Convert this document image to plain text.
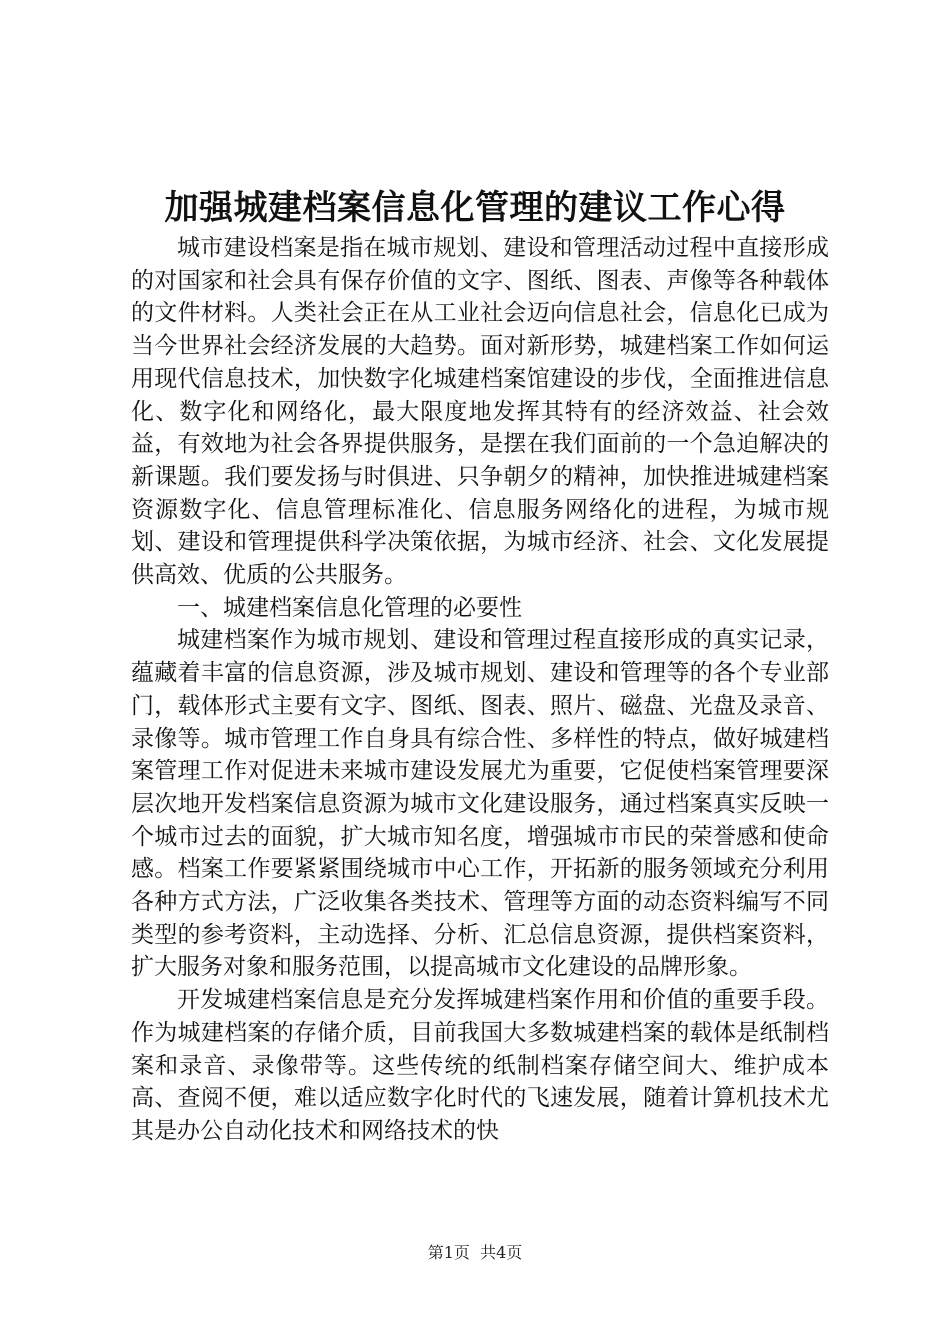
加强城建档案信息化管理的建议工作心得

城市建设档案是指在城市规划、建设和管理活动过程中直接形成的对国家和社会具有保存价值的文字、图纸、图表、声像等各种载体的文件材料。人类社会正在从工业社会迈向信息社会，信息化已成为当今世界社会经济发展的大趋势。面对新形势，城建档案工作如何运用现代信息技术，加快数字化城建档案馆建设的步伐，全面推进信息化、数字化和网络化，最大限度地发挥其特有的经济效益、社会效益，有效地为社会各界提供服务，是摆在我们面前的一个急迫解决的新课题。我们要发扬与时俱进、只争朝夕的精神，加快推进城建档案资源数字化、信息管理标准化、信息服务网络化的进程，为城市规划、建设和管理提供科学决策依据，为城市经济、社会、文化发展提供高效、优质的公共服务。

一、城建档案信息化管理的必要性

城建档案作为城市规划、建设和管理过程直接形成的真实记录，蕴藏着丰富的信息资源，涉及城市规划、建设和管理等的各个专业部门，载体形式主要有文字、图纸、图表、照片、磁盘、光盘及录音、录像等。城市管理工作自身具有综合性、多样性的特点，做好城建档案管理工作对促进未来城市建设发展尤为重要，它促使档案管理要深层次地开发档案信息资源为城市文化建设服务，通过档案真实反映一个城市过去的面貌，扩大城市知名度，增强城市市民的荣誉感和使命感。档案工作要紧紧围绕城市中心工作，开拓新的服务领域充分利用各种方式方法，广泛收集各类技术、管理等方面的动态资料编写不同类型的参考资料，主动选择、分析、汇总信息资源，提供档案资料，扩大服务对象和服务范围，以提高城市文化建设的品牌形象。

开发城建档案信息是充分发挥城建档案作用和价值的重要手段。作为城建档案的存储介质，目前我国大多数城建档案的载体是纸制档案和录音、录像带等。这些传统的纸制档案存储空间大、维护成本高、查阅不便，难以适应数字化时代的飞速发展，随着计算机技术尤其是办公自动化技术和网络技术的快

第1页 共4页
